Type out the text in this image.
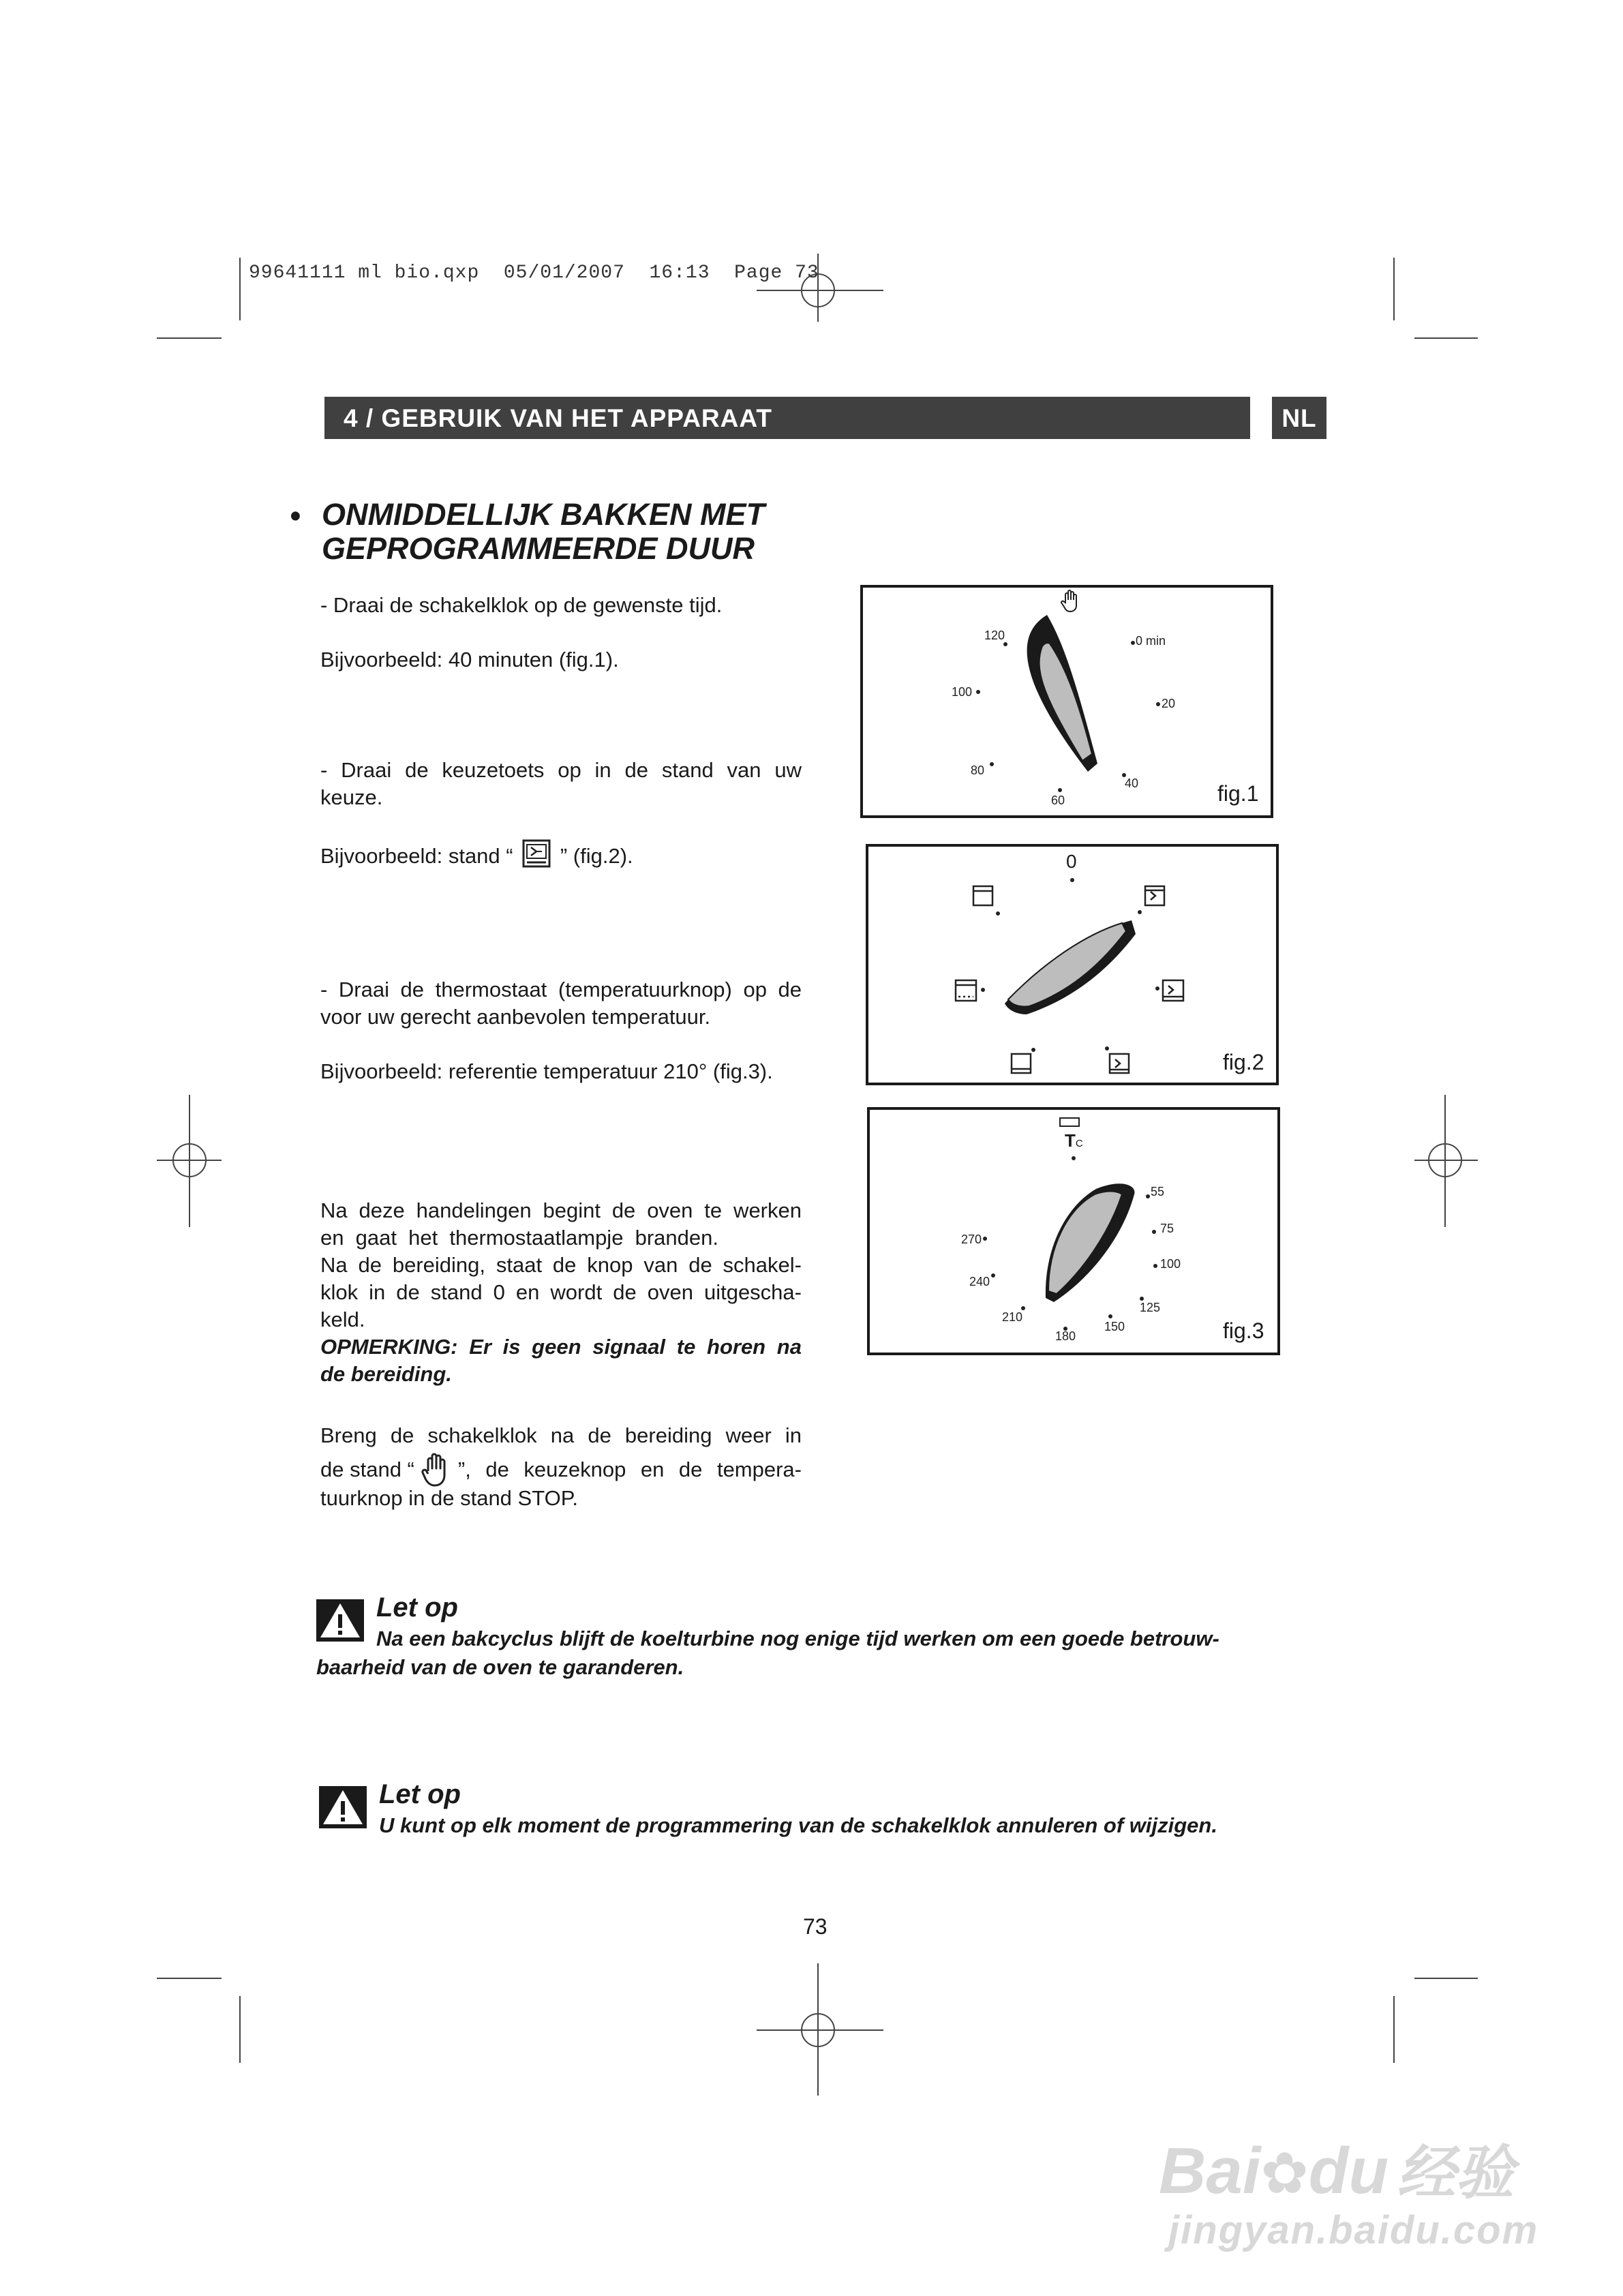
99641111 ml bio.qxp  05/01/2007  16:13  Page 73
4 / GEBRUIK VAN HET APPARAAT	NL
• ONMIDDELLIJK BAKKEN MET
GEPROGRAMMEERDE DUUR
- Draai de schakelklok op de gewenste tijd.
Bijvoorbeeld: 40 minuten (fig.1).
- Draai de keuzetoets op in de stand van uw
keuze.
Bijvoorbeeld: stand “ ” (fig.2).
- Draai de thermostaat (temperatuurknop) op de
voor uw gerecht aanbevolen temperatuur.
Bijvoorbeeld: referentie temperatuur 210° (fig.3).
Na deze handelingen begint de oven te werken
en gaat het thermostaatlampje branden.
Na de bereiding, staat de knop van de schakel-
klok in de stand 0 en wordt de oven uitgescha-
keld.
OPMERKING: Er is geen signaal te horen na
de bereiding.
Breng de schakelklok na de bereiding weer in
de stand “ ”, de keuzeknop en de tempera-
tuurknop in de stand STOP.
120	0 min
100
20
80
40
60	fig.1
0
fig.2
TC
55
75
100
125
150
180
210
240
270
fig.3
Let op
Na een bakcyclus blijft de koelturbine nog enige tijd werken om een goede betrouw-
baarheid van de oven te garanderen.
Let op
U kunt op elk moment de programmering van de schakelklok annuleren of wijzigen.
73
Bai✿du 经验
jingyan.baidu.com
